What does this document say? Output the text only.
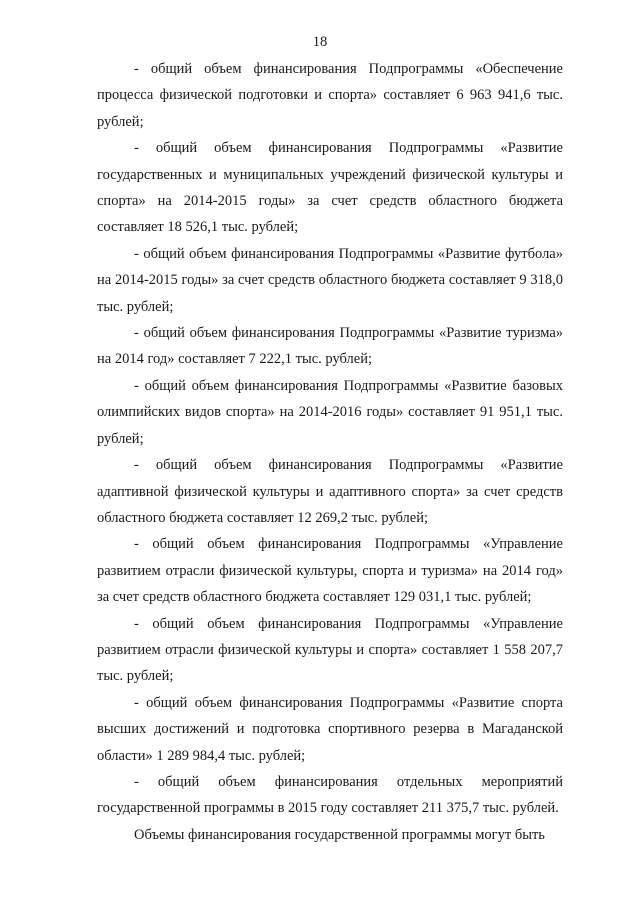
18

- общий объем финансирования Подпрограммы «Обеспечение процесса физической подготовки и спорта» составляет 6 963 941,6 тыс. рублей;

- общий объем финансирования Подпрограммы «Развитие государственных и муниципальных учреждений физической культуры и спорта» на 2014-2015 годы» за счет средств областного бюджета составляет 18 526,1 тыс. рублей;

- общий объем финансирования Подпрограммы «Развитие футбола» на 2014-2015 годы» за счет средств областного бюджета составляет 9 318,0 тыс. рублей;

- общий объем финансирования Подпрограммы «Развитие туризма» на 2014 год» составляет 7 222,1 тыс. рублей;

- общий объем финансирования Подпрограммы «Развитие базовых олимпийских видов спорта» на 2014-2016 годы» составляет 91 951,1 тыс. рублей;

- общий объем финансирования Подпрограммы «Развитие адаптивной физической культуры и адаптивного спорта» за счет средств областного бюджета составляет 12 269,2 тыс. рублей;

- общий объем финансирования Подпрограммы «Управление развитием отрасли физической культуры, спорта и туризма» на 2014 год» за счет средств областного бюджета составляет 129 031,1 тыс. рублей;

- общий объем финансирования Подпрограммы «Управление развитием отрасли физической культуры и спорта» составляет 1 558 207,7 тыс. рублей;

- общий объем финансирования Подпрограммы «Развитие спорта высших достижений и подготовка спортивного резерва в Магаданской области» 1 289 984,4 тыс. рублей;

- общий объем финансирования отдельных мероприятий государственной программы в 2015 году составляет 211 375,7 тыс. рублей.

Объемы финансирования государственной программы могут быть
